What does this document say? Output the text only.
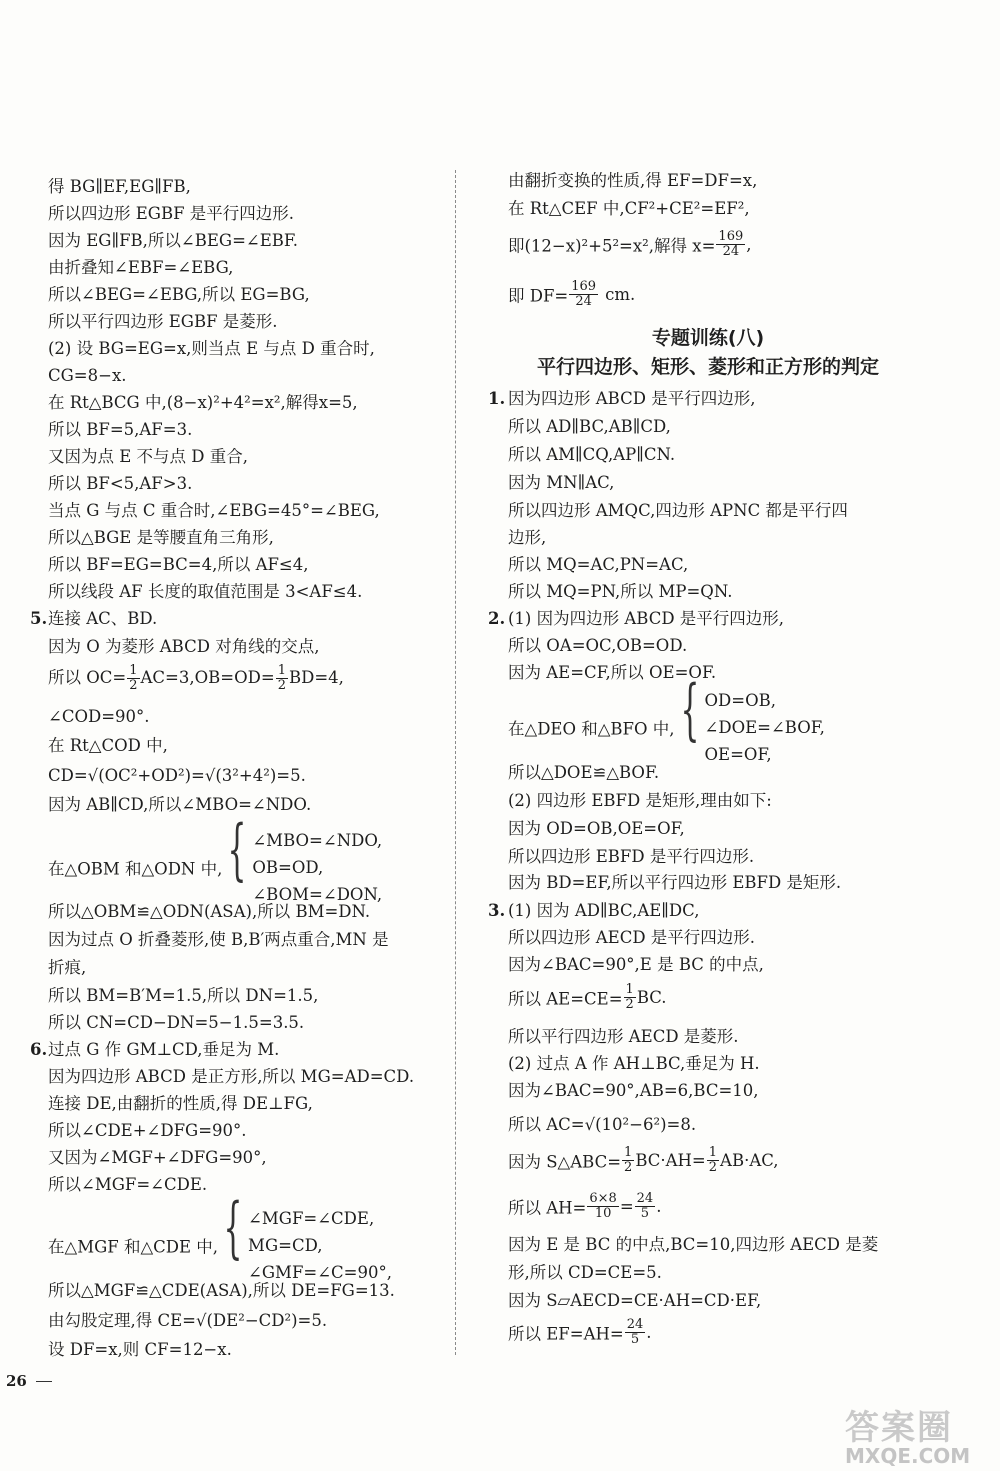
得 BG∥EF,EG∥FB,
所以四边形 EGBF 是平行四边形.
因为 EG∥FB,所以∠BEG=∠EBF.
由折叠知∠EBF=∠EBG,
所以∠BEG=∠EBG,所以 EG=BG,
所以平行四边形 EGBF 是菱形.
(2) 设 BG=EG=x,则当点 E 与点 D 重合时,
CG=8−x.
在 Rt△BCG 中,(8−x)²+4²=x²,解得x=5,
所以 BF=5,AF=3.
又因为点 E 不与点 D 重合,
所以 BF<5,AF>3.
当点 G 与点 C 重合时,∠EBG=45°=∠BEG,
所以△BGE 是等腰直角三角形,
所以 BF=EG=BC=4,所以 AF≤4,
所以线段 AF 长度的取值范围是 3<AF≤4.
5. 连接 AC、BD.
因为 O 为菱形 ABCD 对角线的交点,
所以 $OC= \frac{1}{2} AC=3,OB=OD= \frac{1}{2} BD=4$,
∠COD=90°.
在 Rt△COD 中,
CD=√(OC²+OD²)=√(3²+4²)=5.
因为 AB∥CD,所以∠MBO=∠NDO.
在△OBM 和△ODN 中,{ ∠MBO=∠NDO,
OB=OD,
∠BOM=∠DON,
所以△OBM≌△ODN(ASA),所以 BM=DN.
因为过点 O 折叠菱形,使 B,B′两点重合,MN 是
折痕,
所以 BM=B′M=1.5,所以 DN=1.5,
所以 CN=CD−DN=5−1.5=3.5.
6. 过点 G 作 GM⊥CD,垂足为 M.
因为四边形 ABCD 是正方形,所以 MG=AD=CD.
连接 DE,由翻折的性质,得 DE⊥FG,
所以∠CDE+∠DFG=90°.
又因为∠MGF+∠DFG=90°,
所以∠MGF=∠CDE.
在△MGF 和△CDE 中,{ ∠MGF=∠CDE,
MG=CD,
∠GMF=∠C=90°,
所以△MGF≌△CDE(ASA),所以 DE=FG=13.
由勾股定理,得 CE=√(DE²−CD²)=5.
设 DF=x,则 CF=12−x.
由翻折变换的性质,得 EF=DF=x,
在 Rt△CEF 中,CF²+CE²=EF²,
即(12−x)²+5²=x²,解得 $x= \frac{169}{24}$ ,
即 $DF= \frac{169}{24}$ cm.
专题训练(八)
平行四边形、矩形、菱形和正方形的判定
1. 因为四边形 ABCD 是平行四边形,
所以 AD∥BC,AB∥CD,
所以 AM∥CQ,AP∥CN.
因为 MN∥AC,
所以四边形 AMQC,四边形 APNC 都是平行四
边形,
所以 MQ=AC,PN=AC,
所以 MQ=PN,所以 MP=QN.
2. (1) 因为四边形 ABCD 是平行四边形,
所以 OA=OC,OB=OD.
因为 AE=CF,所以 OE=OF.
在△DEO 和△BFO 中,{ OD=OB,
∠DOE=∠BOF,
OE=OF,
所以△DOE≌△BOF.
(2) 四边形 EBFD 是矩形,理由如下:
因为 OD=OB,OE=OF,
所以四边形 EBFD 是平行四边形.
因为 BD=EF,所以平行四边形 EBFD 是矩形.
3. (1) 因为 AD∥BC,AE∥DC,
所以四边形 AECD 是平行四边形.
因为∠BAC=90°,E 是 BC 的中点,
所以 $AE=CE= \frac{1}{2}$ BC.
所以平行四边形 AECD 是菱形.
(2) 过点 A 作 AH⊥BC,垂足为 H.
因为∠BAC=90°,AB=6,BC=10,
所以 AC=√(10²−6²)=8.
因为 S△ABC= $\frac{1}{2} BC\cdot AH= \frac{1}{2} AB\cdot AC$,
所以 $AH= \frac{6\times 8}{10} = \frac{24}{5}$ .
因为 E 是 BC 的中点,BC=10,四边形 AECD 是菱
形,所以 CD=CE=5.
因为 S▱AECD=CE·AH=CD·EF,
所以 $EF=AH= \frac{24}{5}$ .
26
答案圈
MXQE.COM
